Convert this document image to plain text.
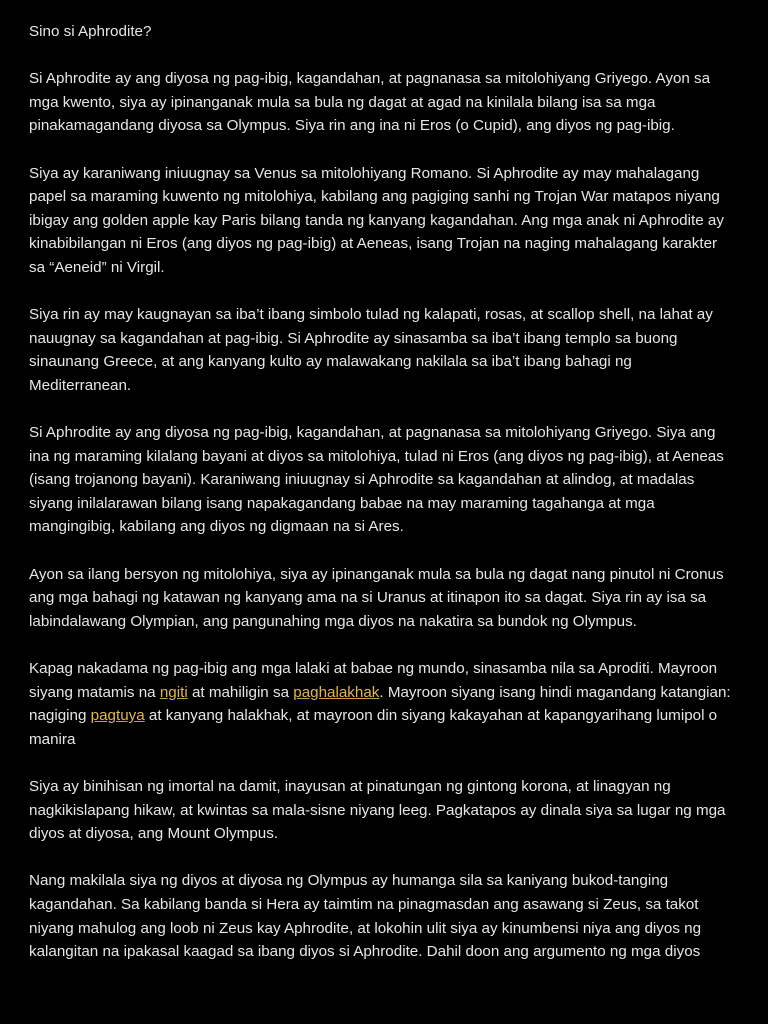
Sino si Aphrodite?

Si Aphrodite ay ang diyosa ng pag-ibig, kagandahan, at pagnanasa sa mitolohiyang Griyego. Ayon sa mga kwento, siya ay ipinanganak mula sa bula ng dagat at agad na kinilala bilang isa sa mga pinakamagandang diyosa sa Olympus. Siya rin ang ina ni Eros (o Cupid), ang diyos ng pag-ibig.

Siya ay karaniwang iniuugnay sa Venus sa mitolohiyang Romano. Si Aphrodite ay may mahalagang papel sa maraming kuwento ng mitolohiya, kabilang ang pagiging sanhi ng Trojan War matapos niyang ibigay ang golden apple kay Paris bilang tanda ng kanyang kagandahan. Ang mga anak ni Aphrodite ay kinabibilangan ni Eros (ang diyos ng pag-ibig) at Aeneas, isang Trojan na naging mahalagang karakter sa “Aeneid” ni Virgil.

Siya rin ay may kaugnayan sa iba’t ibang simbolo tulad ng kalapati, rosas, at scallop shell, na lahat ay nauugnay sa kagandahan at pag-ibig. Si Aphrodite ay sinasamba sa iba’t ibang templo sa buong sinaunang Greece, at ang kanyang kulto ay malawakang nakilala sa iba’t ibang bahagi ng Mediterranean.

Si Aphrodite ay ang diyosa ng pag-ibig, kagandahan, at pagnanasa sa mitolohiyang Griyego. Siya ang ina ng maraming kilalang bayani at diyos sa mitolohiya, tulad ni Eros (ang diyos ng pag-ibig), at Aeneas (isang trojanong bayani). Karaniwang iniuugnay si Aphrodite sa kagandahan at alindog, at madalas siyang inilalarawan bilang isang napakagandang babae na may maraming tagahanga at mga mangingibig, kabilang ang diyos ng digmaan na si Ares.

Ayon sa ilang bersyon ng mitolohiya, siya ay ipinanganak mula sa bula ng dagat nang pinutol ni Cronus ang mga bahagi ng katawan ng kanyang ama na si Uranus at itinapon ito sa dagat. Siya rin ay isa sa labindalawang Olympian, ang pangunahing mga diyos na nakatira sa bundok ng Olympus.

Kapag nakadama ng pag-ibig ang mga lalaki at babae ng mundo, sinasamba nila sa Aproditi. Mayroon siyang matamis na ngiti at mahiligin sa paghalakhak. Mayroon siyang isang hindi magandang katangian: nagiging pagtuya at kanyang halakhak, at mayroon din siyang kakayahan at kapangyarihang lumipol o manira

Siya ay binihisan ng imortal na damit, inayusan at pinatungan ng gintong korona, at linagyan ng nagkikislapang hikaw, at kwintas sa mala-sisne niyang leeg. Pagkatapos ay dinala siya sa lugar ng mga diyos at diyosa, ang Mount Olympus.

Nang makilala siya ng diyos at diyosa ng Olympus ay humanga sila sa kaniyang bukod-tanging kagandahan. Sa kabilang banda si Hera ay taimtim na pinagmasdan ang asawang si Zeus, sa takot niyang mahulog ang loob ni Zeus kay Aphrodite, at lokohin ulit siya ay kinumbensi niya ang diyos ng kalangitan na ipakasal kaagad sa ibang diyos si Aphrodite. Dahil doon ang argumento ng mga diyos
